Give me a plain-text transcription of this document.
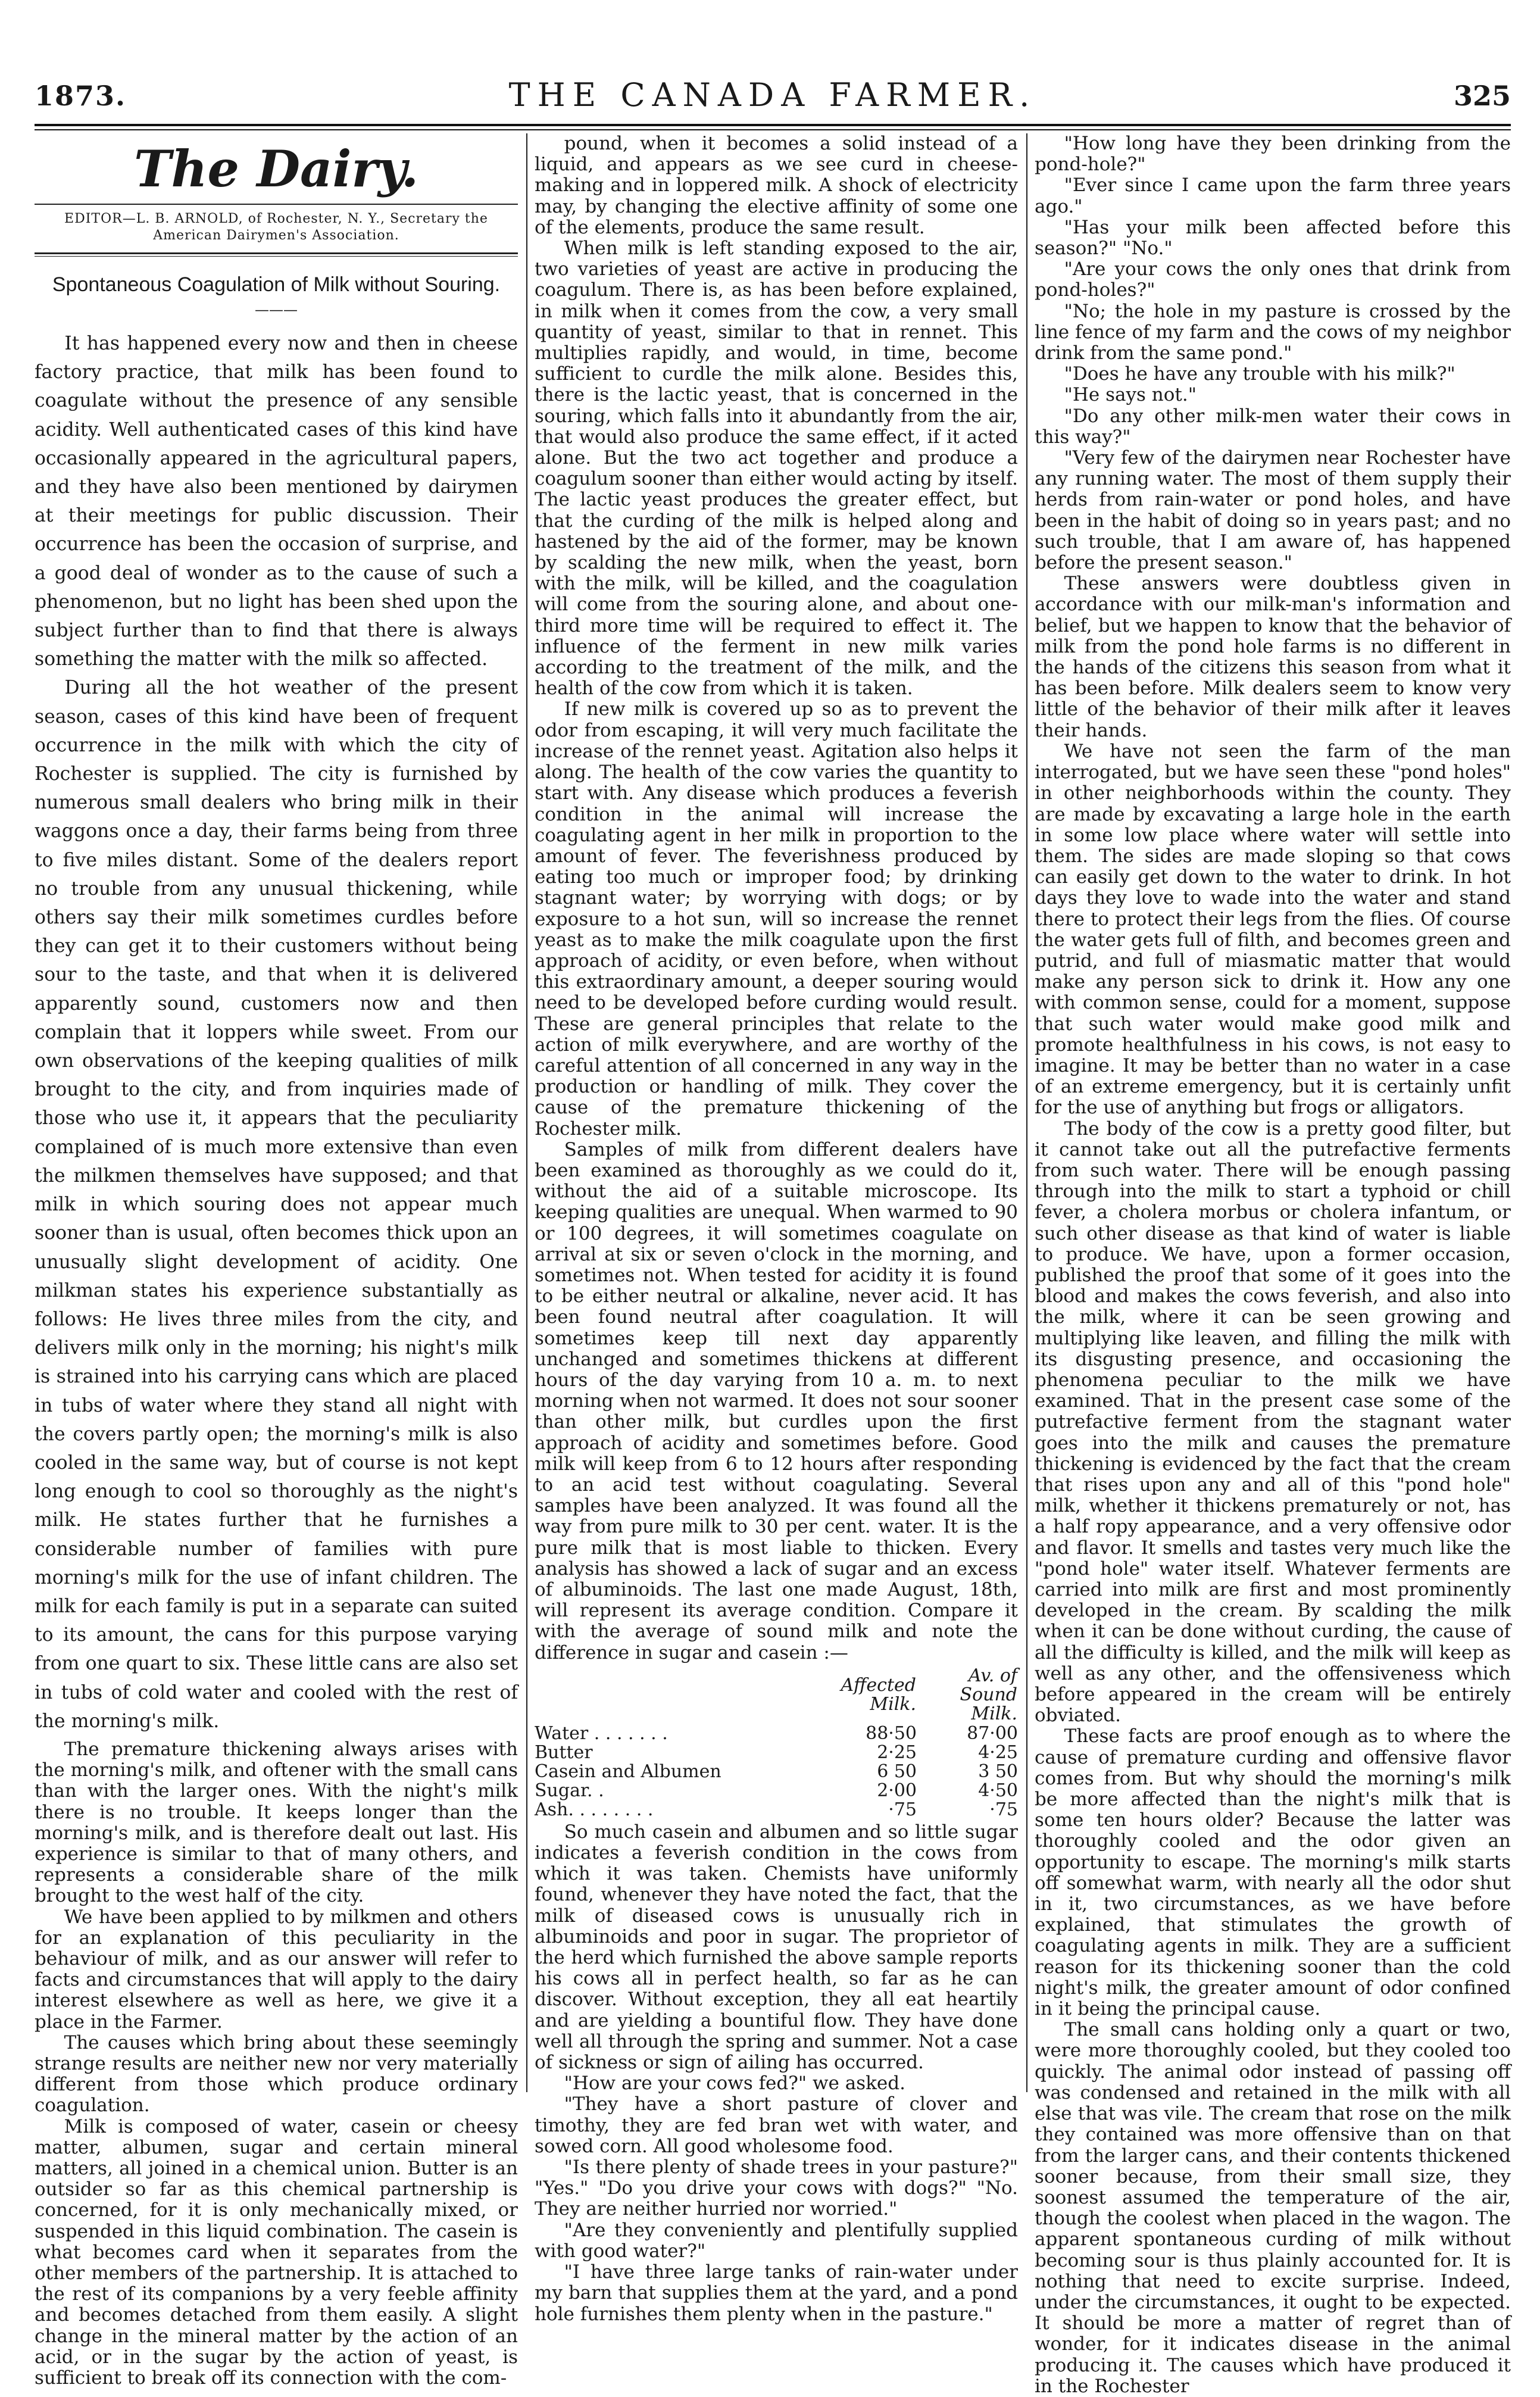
1873.	THE CANADA FARMER.	325
The Dairy.
EDITOR—L. B. ARNOLD, of Rochester, N. Y., Secretary the American Dairymen's Association.
Spontaneous Coagulation of Milk without Souring.
———

It has happened every now and then in cheese factory practice, that milk has been found to coagulate without the presence of any sensible acidity. Well authenticated cases of this kind have occasionally appeared in the agricultural papers, and they have also been mentioned by dairymen at their meetings for public discussion. Their occurrence has been the occasion of surprise, and a good deal of wonder as to the cause of such a phenomenon, but no light has been shed upon the subject further than to find that there is always something the matter with the milk so affected.

During all the hot weather of the present season, cases of this kind have been of frequent occurrence in the milk with which the city of Rochester is supplied. The city is furnished by numerous small dealers who bring milk in their waggons once a day, their farms being from three to five miles distant. Some of the dealers report no trouble from any unusual thickening, while others say their milk sometimes curdles before they can get it to their customers without being sour to the taste, and that when it is delivered apparently sound, customers now and then complain that it loppers while sweet. From our own observations of the keeping qualities of milk brought to the city, and from inquiries made of those who use it, it appears that the peculiarity complained of is much more extensive than even the milkmen themselves have supposed; and that milk in which souring does not appear much sooner than is usual, often becomes thick upon an unusually slight development of acidity. One milkman states his experience substantially as follows: He lives three miles from the city, and delivers milk only in the morning; his night's milk is strained into his carrying cans which are placed in tubs of water where they stand all night with the covers partly open; the morning's milk is also cooled in the same way, but of course is not kept long enough to cool so thoroughly as the night's milk. He states further that he furnishes a considerable number of families with pure morning's milk for the use of infant children. The milk for each family is put in a separate can suited to its amount, the cans for this purpose varying from one quart to six. These little cans are also set in tubs of cold water and cooled with the rest of the morning's milk.

The premature thickening always arises with the morning's milk, and oftener with the small cans than with the larger ones. With the night's milk there is no trouble. It keeps longer than the morning's milk, and is therefore dealt out last. His experience is similar to that of many others, and represents a considerable share of the milk brought to the west half of the city.

We have been applied to by milkmen and others for an explanation of this peculiarity in the behaviour of milk, and as our answer will refer to facts and circumstances that will apply to the dairy interest elsewhere as well as here, we give it a place in the Farmer.

The causes which bring about these seemingly strange results are neither new nor very materially different from those which produce ordinary coagulation.

Milk is composed of water, casein or cheesy matter, albumen, sugar and certain mineral matters, all joined in a chemical union. Butter is an outsider so far as this chemical partnership is concerned, for it is only mechanically mixed, or suspended in this liquid combination. The casein is what becomes card when it separates from the other members of the partnership. It is attached to the rest of its companions by a very feeble affinity and becomes detached from them easily. A slight change in the mineral matter by the action of an acid, or in the sugar by the action of yeast, is sufficient to break off its connection with the com-

pound, when it becomes a solid instead of a liquid, and appears as we see curd in cheese-making and in loppered milk. A shock of electricity may, by changing the elective affinity of some one of the elements, produce the same result.

When milk is left standing exposed to the air, two varieties of yeast are active in producing the coagulum. There is, as has been before explained, in milk when it comes from the cow, a very small quantity of yeast, similar to that in rennet. This multiplies rapidly, and would, in time, become sufficient to curdle the milk alone. Besides this, there is the lactic yeast, that is concerned in the souring, which falls into it abundantly from the air, that would also produce the same effect, if it acted alone. But the two act together and produce a coagulum sooner than either would acting by itself. The lactic yeast produces the greater effect, but that the curding of the milk is helped along and hastened by the aid of the former, may be known by scalding the new milk, when the yeast, born with the milk, will be killed, and the coagulation will come from the souring alone, and about one-third more time will be required to effect it. The influence of the ferment in new milk varies according to the treatment of the milk, and the health of the cow from which it is taken.

If new milk is covered up so as to prevent the odor from escaping, it will very much facilitate the increase of the rennet yeast. Agitation also helps it along. The health of the cow varies the quantity to start with. Any disease which produces a feverish condition in the animal will increase the coagulating agent in her milk in proportion to the amount of fever. The feverishness produced by eating too much or improper food; by drinking stagnant water; by worrying with dogs; or by exposure to a hot sun, will so increase the rennet yeast as to make the milk coagulate upon the first approach of acidity, or even before, when without this extraordinary amount, a deeper souring would need to be developed before curding would result. These are general principles that relate to the action of milk everywhere, and are worthy of the careful attention of all concerned in any way in the production or handling of milk. They cover the cause of the premature thickening of the Rochester milk.

Samples of milk from different dealers have been examined as thoroughly as we could do it, without the aid of a suitable microscope. Its keeping qualities are unequal. When warmed to 90 or 100 degrees, it will sometimes coagulate on arrival at six or seven o'clock in the morning, and sometimes not. When tested for acidity it is found to be either neutral or alkaline, never acid. It has been found neutral after coagulation. It will sometimes keep till next day apparently unchanged and sometimes thickens at different hours of the day varying from 10 a. m. to next morning when not warmed. It does not sour sooner than other milk, but curdles upon the first approach of acidity and sometimes before. Good milk will keep from 6 to 12 hours after responding to an acid test without coagulating. Several samples have been analyzed. It was found all the way from pure milk to 30 per cent. water. It is the pure milk that is most liable to thicken. Every analysis has showed a lack of sugar and an excess of albuminoids. The last one made August, 18th, will represent its average condition. Compare it with the average of sound milk and note the difference in sugar and casein :—

	Affected Milk.	Av. of Sound Milk.
Water . . . . . . .	88·50	87·00
Butter	2·25	4·25
Casein and Albumen	6 50	3 50
Sugar. .	2·00	4·50
Ash. . . . . . . .	·75	·75

So much casein and albumen and so little sugar indicates a feverish condition in the cows from which it was taken. Chemists have uniformly found, whenever they have noted the fact, that the milk of diseased cows is unusually rich in albuminoids and poor in sugar. The proprietor of the herd which furnished the above sample reports his cows all in perfect health, so far as he can discover. Without exception, they all eat heartily and are yielding a bountiful flow. They have done well all through the spring and summer. Not a case of sickness or sign of ailing has occurred.

"How are your cows fed?" we asked.

"They have a short pasture of clover and timothy, they are fed bran wet with water, and sowed corn. All good wholesome food.

"Is there plenty of shade trees in your pasture?" "Yes." "Do you drive your cows with dogs?" "No. They are neither hurried nor worried."

"Are they conveniently and plentifully supplied with good water?"

"I have three large tanks of rain-water under my barn that supplies them at the yard, and a pond hole furnishes them plenty when in the pasture."

"How long have they been drinking from the pond-hole?"

"Ever since I came upon the farm three years ago."

"Has your milk been affected before this season?" "No."

"Are your cows the only ones that drink from pond-holes?"

"No; the hole in my pasture is crossed by the line fence of my farm and the cows of my neighbor drink from the same pond."

"Does he have any trouble with his milk?"

"He says not."

"Do any other milk-men water their cows in this way?"

"Very few of the dairymen near Rochester have any running water. The most of them supply their herds from rain-water or pond holes, and have been in the habit of doing so in years past; and no such trouble, that I am aware of, has happened before the present season."

These answers were doubtless given in accordance with our milk-man's information and belief, but we happen to know that the behavior of milk from the pond hole farms is no different in the hands of the citizens this season from what it has been before. Milk dealers seem to know very little of the behavior of their milk after it leaves their hands.

We have not seen the farm of the man interrogated, but we have seen these "pond holes" in other neighborhoods within the county. They are made by excavating a large hole in the earth in some low place where water will settle into them. The sides are made sloping so that cows can easily get down to the water to drink. In hot days they love to wade into the water and stand there to protect their legs from the flies. Of course the water gets full of filth, and becomes green and putrid, and full of miasmatic matter that would make any person sick to drink it. How any one with common sense, could for a moment, suppose that such water would make good milk and promote healthfulness in his cows, is not easy to imagine. It may be better than no water in a case of an extreme emergency, but it is certainly unfit for the use of anything but frogs or alligators.

The body of the cow is a pretty good filter, but it cannot take out all the putrefactive ferments from such water. There will be enough passing through into the milk to start a typhoid or chill fever, a cholera morbus or cholera infantum, or such other disease as that kind of water is liable to produce. We have, upon a former occasion, published the proof that some of it goes into the blood and makes the cows feverish, and also into the milk, where it can be seen growing and multiplying like leaven, and filling the milk with its disgusting presence, and occasioning the phenomena peculiar to the milk we have examined. That in the present case some of the putrefactive ferment from the stagnant water goes into the milk and causes the premature thickening is evidenced by the fact that the cream that rises upon any and all of this "pond hole" milk, whether it thickens prematurely or not, has a half ropy appearance, and a very offensive odor and flavor. It smells and tastes very much like the "pond hole" water itself. Whatever ferments are carried into milk are first and most prominently developed in the cream. By scalding the milk when it can be done without curding, the cause of all the difficulty is killed, and the milk will keep as well as any other, and the offensiveness which before appeared in the cream will be entirely obviated.

These facts are proof enough as to where the cause of premature curding and offensive flavor comes from. But why should the morning's milk be more affected than the night's milk that is some ten hours older? Because the latter was thoroughly cooled and the odor given an opportunity to escape. The morning's milk starts off somewhat warm, with nearly all the odor shut in it, two circumstances, as we have before explained, that stimulates the growth of coagulating agents in milk. They are a sufficient reason for its thickening sooner than the cold night's milk, the greater amount of odor confined in it being the principal cause.

The small cans holding only a quart or two, were more thoroughly cooled, but they cooled too quickly. The animal odor instead of passing off was condensed and retained in the milk with all else that was vile. The cream that rose on the milk they contained was more offensive than on that from the larger cans, and their contents thickened sooner because, from their small size, they soonest assumed the temperature of the air, though the coolest when placed in the wagon. The apparent spontaneous curding of milk without becoming sour is thus plainly accounted for. It is nothing that need to excite surprise. Indeed, under the circumstances, it ought to be expected. It should be more a matter of regret than of wonder, for it indicates disease in the animal producing it. The causes which have produced it in the Rochester
